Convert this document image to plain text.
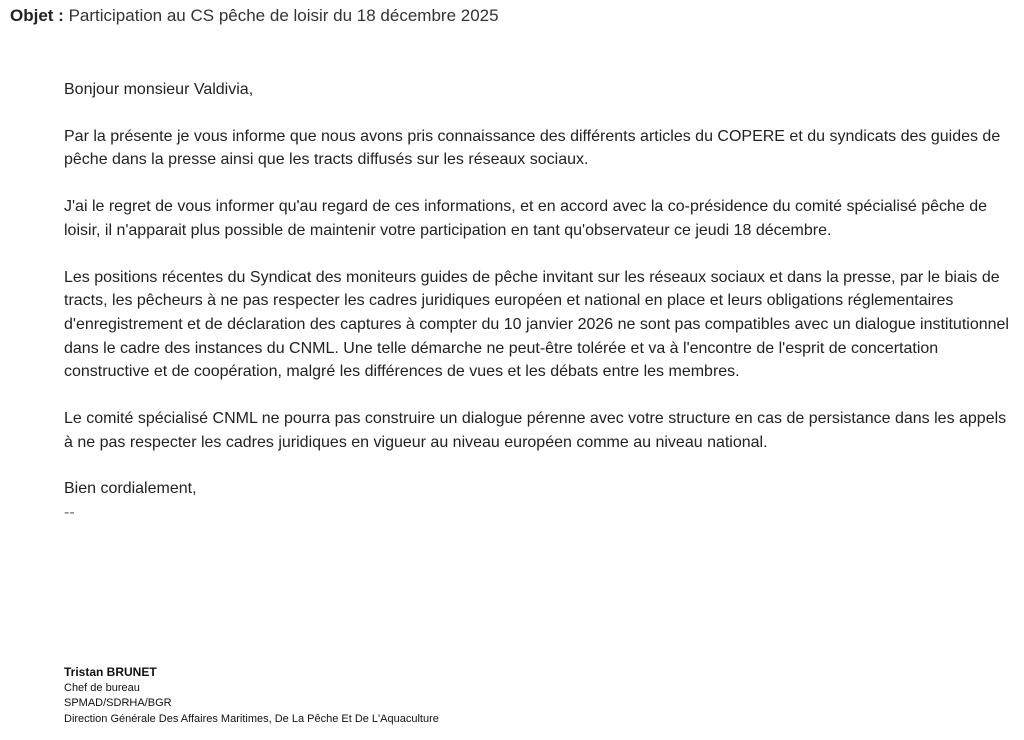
Objet : Participation au CS pêche de loisir du 18 décembre 2025

Bonjour monsieur Valdivia,

Par la présente je vous informe que nous avons pris connaissance des différents articles du COPERE et du syndicats des guides de pêche dans la presse ainsi que les tracts diffusés sur les réseaux sociaux.

J'ai le regret de vous informer qu'au regard de ces informations, et en accord avec la co-présidence du comité spécialisé pêche de loisir, il n'apparait plus possible de maintenir votre participation en tant qu'observateur ce jeudi 18 décembre.

Les positions récentes du Syndicat des moniteurs guides de pêche invitant sur les réseaux sociaux et dans la presse, par le biais de tracts, les pêcheurs à ne pas respecter les cadres juridiques européen et national en place et leurs obligations réglementaires d'enregistrement et de déclaration des captures à compter du 10 janvier 2026 ne sont pas compatibles avec un dialogue institutionnel dans le cadre des instances du CNML. Une telle démarche ne peut-être tolérée et va à l'encontre de l'esprit de concertation constructive et de coopération, malgré les différences de vues et les débats entre les membres.

Le comité spécialisé CNML ne pourra pas construire un dialogue pérenne avec votre structure en cas de persistance dans les appels à ne pas respecter les cadres juridiques en vigueur au niveau européen comme au niveau national.

Bien cordialement,

--

Tristan BRUNET
Chef de bureau
SPMAD/SDRHA/BGR
Direction Générale Des Affaires Maritimes, De La Pêche Et De L'Aquaculture
